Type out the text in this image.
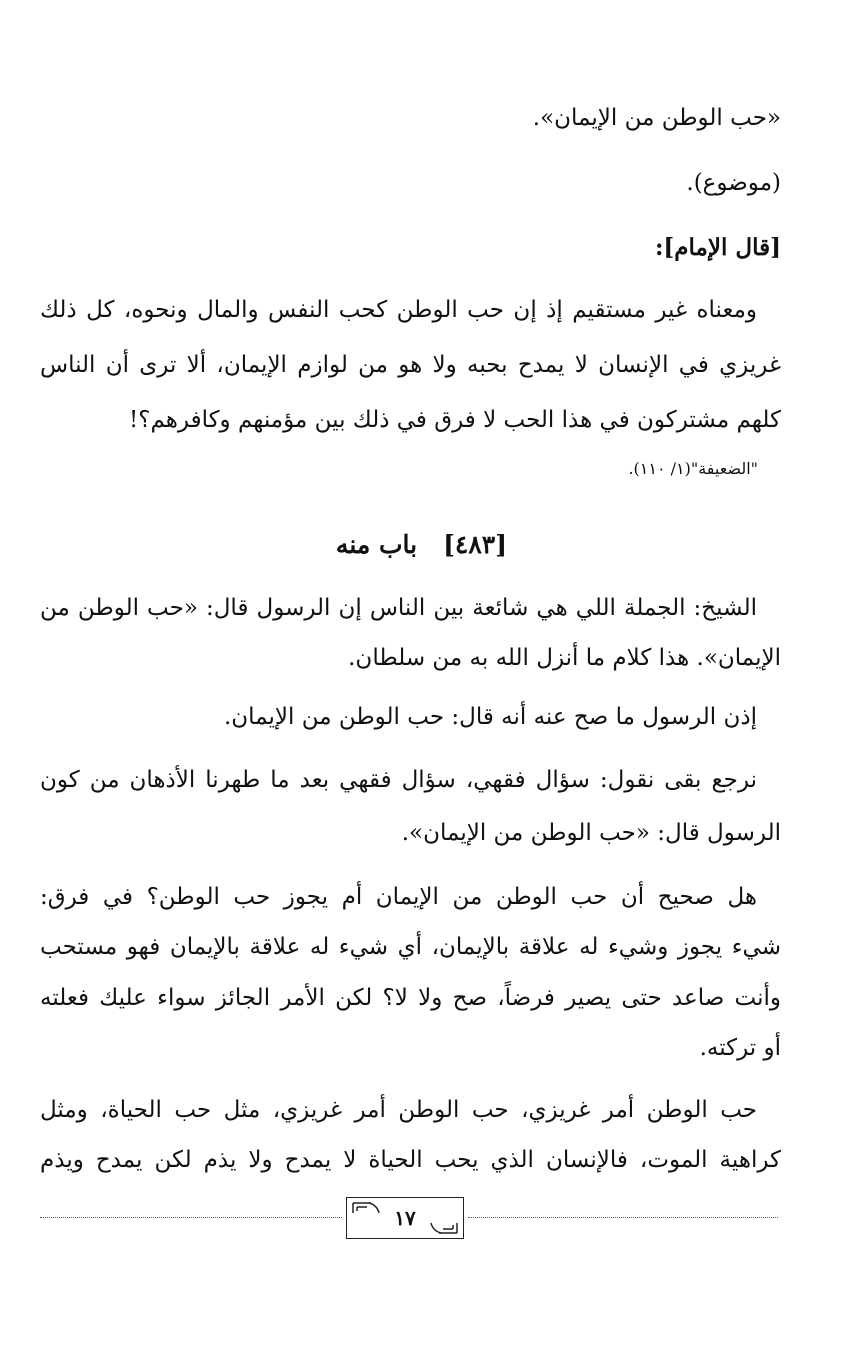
«حب الوطن من الإيمان».
(موضوع).
[قال الإمام]:
ومعناه غير مستقيم إذ إن حب الوطن كحب النفس والمال ونحوه، كل ذلك
غريزي في الإنسان لا يمدح بحبه ولا هو من لوازم الإيمان، ألا ترى أن الناس
كلهم مشتركون في هذا الحب لا فرق في ذلك بين مؤمنهم وكافرهم؟!
"الضعيفة"(١/ ١١٠).
[٤٨٣]باب منه
الشيخ: الجملة اللي هي شائعة بين الناس إن الرسول قال: «حب الوطن من
الإيمان». هذا كلام ما أنزل الله به من سلطان.
إذن الرسول ما صح عنه أنه قال: حب الوطن من الإيمان.
نرجع بقى نقول: سؤال فقهي، سؤال فقهي بعد ما طهرنا الأذهان من كون
الرسول قال: «حب الوطن من الإيمان».
هل صحيح أن حب الوطن من الإيمان أم يجوز حب الوطن؟ في فرق:
شيء يجوز وشيء له علاقة بالإيمان، أي شيء له علاقة بالإيمان فهو مستحب
وأنت صاعد حتى يصير فرضاً، صح ولا لا؟ لكن الأمر الجائز سواء عليك فعلته
أو تركته.
حب الوطن أمر غريزي، حب الوطن أمر غريزي، مثل حب الحياة، ومثل
كراهية الموت، فالإنسان الذي يحب الحياة لا يمدح ولا يذم لكن يمدح ويذم
١٧
